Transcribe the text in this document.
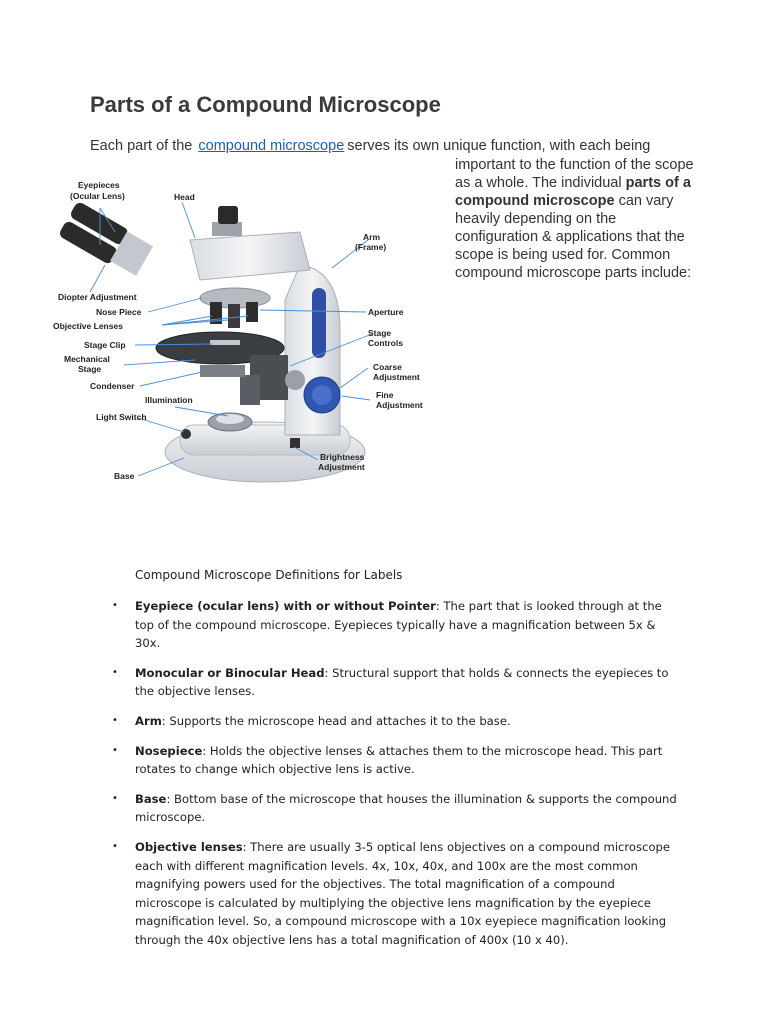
Parts of a Compound Microscope
Each part of the compound microscope serves its own unique function, with each being
important to the function of the scope as a whole. The individual parts of a compound microscope can vary heavily depending on the configuration & applications that the scope is being used for. Common compound microscope parts include:
Eyepieces
(Ocular Lens)	Head
Arm
(Frame)
Diopter Adjustment
Nose Piece
Objective Lenses
Aperture
Stage Clip
Stage
Controls
Mechanical
Stage	Coarse
Adjustment
Condenser
Illumination	Fine
Adjustment
Light Switch
Brightness
Adjustment
Base
Compound Microscope Definitions for Labels
• Eyepiece (ocular lens) with or without Pointer: The part that is looked through at the top of the compound microscope. Eyepieces typically have a magnification between 5x & 30x.
• Monocular or Binocular Head: Structural support that holds & connects the eyepieces to the objective lenses.
• Arm: Supports the microscope head and attaches it to the base.
• Nosepiece: Holds the objective lenses & attaches them to the microscope head. This part rotates to change which objective lens is active.
• Base: Bottom base of the microscope that houses the illumination & supports the compound microscope.
• Objective lenses: There are usually 3-5 optical lens objectives on a compound microscope each with different magnification levels. 4x, 10x, 40x, and 100x are the most common magnifying powers used for the objectives. The total magnification of a compound microscope is calculated by multiplying the objective lens magnification by the eyepiece magnification level. So, a compound microscope with a 10x eyepiece magnification looking through the 40x objective lens has a total magnification of 400x (10 x 40).
